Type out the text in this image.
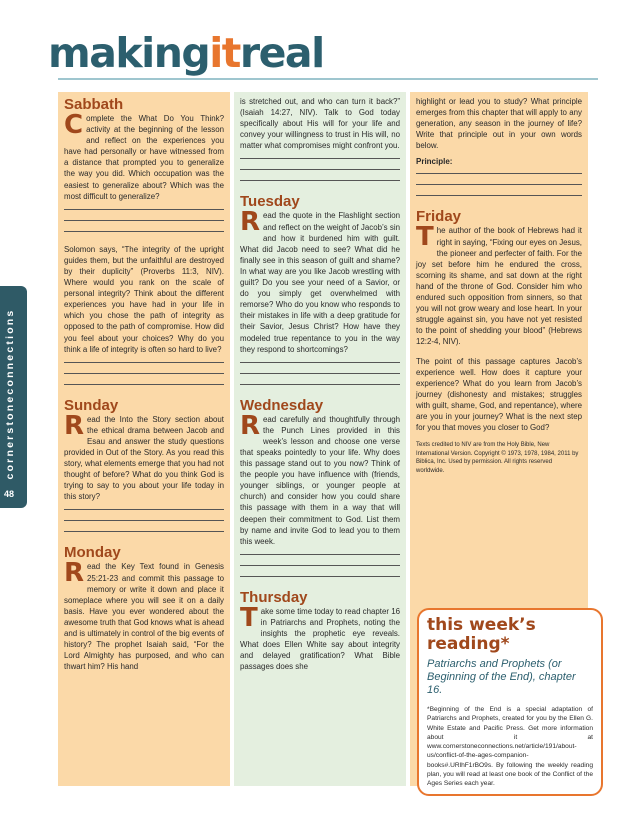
makingitreal
cornerstoneconnections
48
Sabbath

Complete the What Do You Think? activity at the beginning of the lesson and reflect on the experiences you have had personally or have witnessed from a distance that prompted you to generalize the way you did. Which occupation was the easiest to generalize about? Which was the most difficult to generalize?

Solomon says, “The integrity of the upright guides them, but the unfaithful are destroyed by their duplicity” (Proverbs 11:3, NIV). Where would you rank on the scale of personal integrity? Think about the different experiences you have had in your life in which you chose the path of integrity as opposed to the path of compromise. How did you feel about your choices? Why do you think a life of integrity is often so hard to live?

Sunday

Read the Into the Story section about the ethical drama between Jacob and Esau and answer the study questions provided in Out of the Story. As you read this story, what elements emerge that you had not thought of before? What do you think God is trying to say to you about your life today in this story?

Monday

Read the Key Text found in Genesis 25:21-23 and commit this passage to memory or write it down and place it someplace where you will see it on a daily basis. Have you ever wondered about the awesome truth that God knows what is ahead and is ultimately in control of the big events of history? The prophet Isaiah said, “For the Lord Almighty has purposed, and who can thwart him? His hand

is stretched out, and who can turn it back?” (Isaiah 14:27, NIV). Talk to God today specifically about His will for your life and convey your willingness to trust in His will, no matter what compromises might confront you.

Tuesday

Read the quote in the Flashlight section and reflect on the weight of Jacob’s sin and how it burdened him with guilt. What did Jacob need to see? What did he finally see in this season of guilt and shame? In what way are you like Jacob wrestling with guilt? Do you see your need of a Savior, or do you simply get overwhelmed with remorse? Who do you know who responds to their mistakes in life with a deep gratitude for their Savior, Jesus Christ? How have they modeled true repentance to you in the way they respond to shortcomings?

Wednesday

Read carefully and thoughtfully through the Punch Lines provided in this week’s lesson and choose one verse that speaks pointedly to your life. Why does this passage stand out to you now? Think of the people you have influence with (friends, younger siblings, or younger people at church) and consider how you could share this passage with them in a way that will deepen their commitment to God. List them by name and invite God to lead you to them this week.

Thursday

Take some time today to read chapter 16 in Patriarchs and Prophets, noting the insights the prophetic eye reveals. What does Ellen White say about integrity and delayed gratification? What Bible passages does she

highlight or lead you to study? What principle emerges from this chapter that will apply to any generation, any season in the journey of life? Write that principle out in your own words below.

Principle:
Friday

The author of the book of Hebrews had it right in saying, “Fixing our eyes on Jesus, the pioneer and perfecter of faith. For the joy set before him he endured the cross, scorning its shame, and sat down at the right hand of the throne of God. Consider him who endured such opposition from sinners, so that you will not grow weary and lose heart. In your struggle against sin, you have not yet resisted to the point of shedding your blood” (Hebrews 12:2-4, NIV).

The point of this passage captures Jacob’s experience well. How does it capture your experience? What do you learn from Jacob’s journey (dishonesty and mistakes; struggles with guilt, shame, God, and repentance), where are you in your journey? What is the next step for you that moves you closer to God?

Texts credited to NIV are from the Holy Bible, New International Version. Copyright © 1973, 1978, 1984, 2011 by Biblica, Inc. Used by permission. All rights reserved worldwide.
this week’s reading*
Patriarchs and Prophets (or Beginning of the End), chapter 16.
*Beginning of the End is a special adaptation of Patriarchs and Prophets, created for you by the Ellen G. White Estate and Pacific Press. Get more information about it at www.cornerstoneconnections.net/article/191/about-us/conflict-of-the-ages-companion-books#.URlhF1rBO9s. By following the weekly reading plan, you will read at least one book of the Conflict of the Ages Series each year.
